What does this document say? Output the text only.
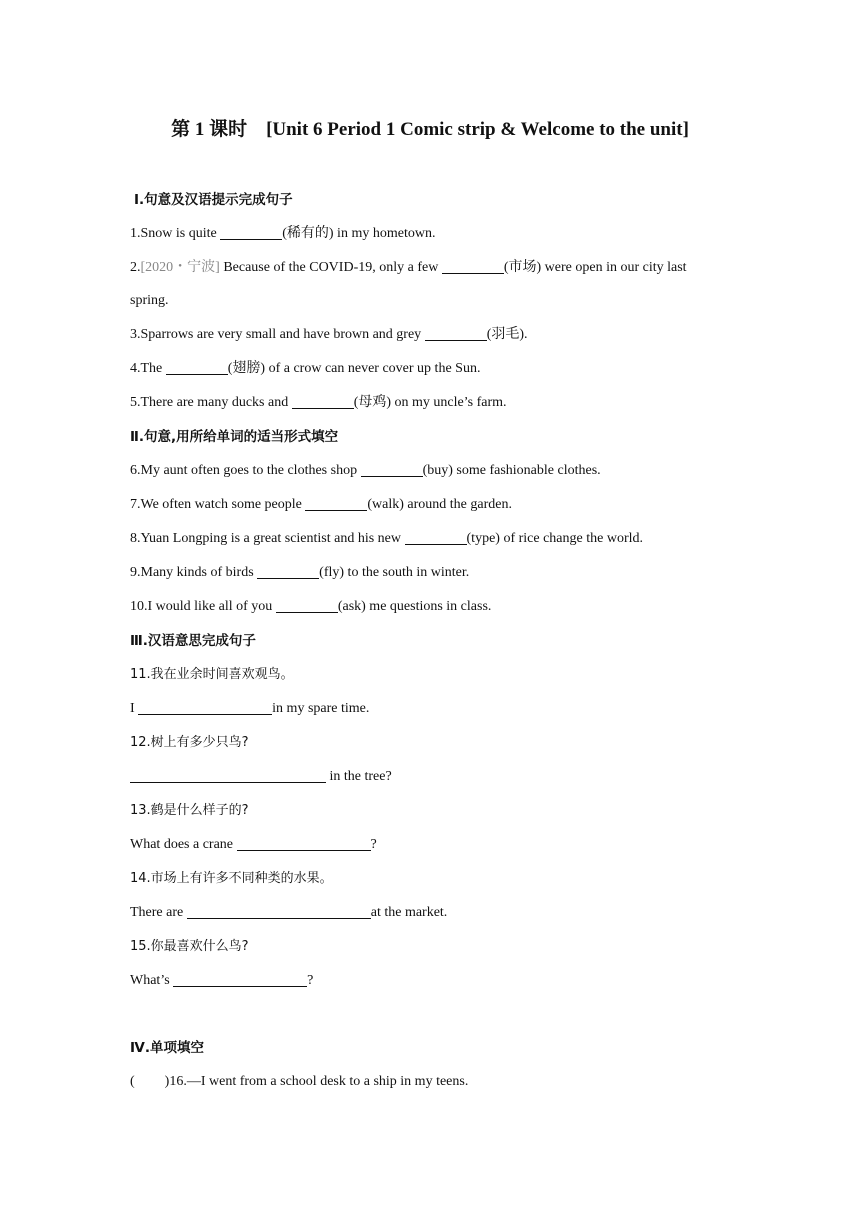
第 1 课时    [Unit 6 Period 1 Comic strip & Welcome to the unit]
Ⅰ.句意及汉语提示完成句子
1.Snow is quite	(稀有的) in my hometown.
2.[2020・宁波] Because of the COVID-19, only a few	(市场) were open in our city last
spring.
3.Sparrows are very small and have brown and grey	(羽毛).
4.The	(翅膀) of a crow can never cover up the Sun.
5.There are many ducks and	(母鸡) on my uncle’s farm.
Ⅱ.句意,用所给单词的适当形式填空
6.My aunt often goes to the clothes shop	(buy) some fashionable clothes.
7.We often watch some people	(walk) around the garden.
8.Yuan Longping is a great scientist and his new	(type) of rice change the world.
9.Many kinds of birds	(fly) to the south in winter.
10.I would like all of you	(ask) me questions in class.
Ⅲ.汉语意思完成句子
11.我在业余时间喜欢观鸟。
I	in my spare time.
12.树上有多少只鸟?
in the tree?
13.鹤是什么样子的?
What does a crane	?
14.市场上有许多不同种类的水果。
There are	at the market.
15.你最喜欢什么鸟?
What’s	?
Ⅳ.单项填空
( )16.—I went from a school desk to a ship in my teens.
